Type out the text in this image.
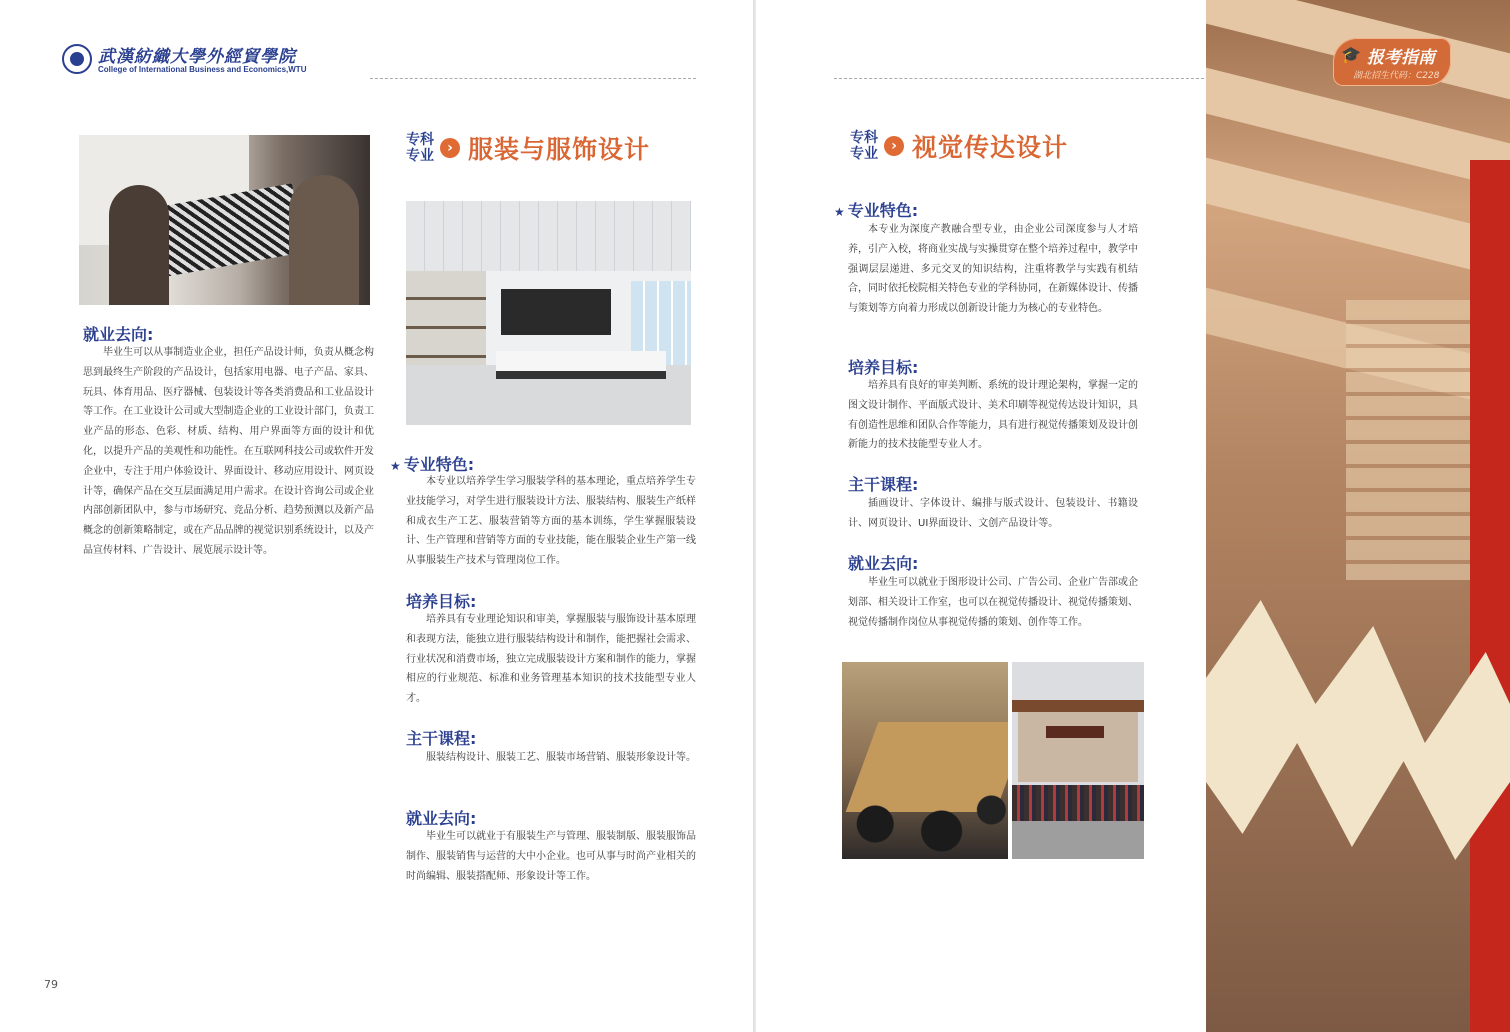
武漢紡織大學外經貿學院
College of International Business and Economics,WTU
就业去向:
毕业生可以从事制造业企业，担任产品设计师，负责从概念构思到最终生产阶段的产品设计，包括家用电器、电子产品、家具、玩具、体育用品、医疗器械、包装设计等各类消费品和工业品设计等工作。在工业设计公司或大型制造企业的工业设计部门，负责工业产品的形态、色彩、材质、结构、用户界面等方面的设计和优化，以提升产品的美观性和功能性。在互联网科技公司或软件开发企业中，专注于用户体验设计、界面设计、移动应用设计、网页设计等，确保产品在交互层面满足用户需求。在设计咨询公司或企业内部创新团队中，参与市场研究、竞品分析、趋势预测以及新产品概念的创新策略制定，或在产品品牌的视觉识别系统设计，以及产品宣传材料、广告设计、展览展示设计等。
专科
专业 › 服装与服饰设计
★ 专业特色:
本专业以培养学生学习服装学科的基本理论，重点培养学生专业技能学习，对学生进行服装设计方法、服装结构、服装生产纸样和成衣生产工艺、服装营销等方面的基本训练，学生掌握服装设计、生产管理和营销等方面的专业技能，能在服装企业生产第一线从事服装生产技术与管理岗位工作。
培养目标:
培养具有专业理论知识和审美，掌握服装与服饰设计基本原理和表现方法，能独立进行服装结构设计和制作，能把握社会需求、行业状况和消费市场，独立完成服装设计方案和制作的能力，掌握相应的行业规范、标准和业务管理基本知识的技术技能型专业人才。
主干课程:
服装结构设计、服装工艺、服装市场营销、服装形象设计等。
就业去向:
毕业生可以就业于有服装生产与管理、服装制版、服装服饰品制作、服装销售与运营的大中小企业。也可从事与时尚产业相关的时尚编辑、服装搭配师、形象设计等工作。
79
专科
专业 › 视觉传达设计
★ 专业特色:
本专业为深度产教融合型专业，由企业公司深度参与人才培养，引产入校，将商业实战与实操贯穿在整个培养过程中，教学中强调层层递进、多元交叉的知识结构，注重将教学与实践有机结合，同时依托校院相关特色专业的学科协同，在新媒体设计、传播与策划等方向着力形成以创新设计能力为核心的专业特色。
培养目标:
培养具有良好的审美判断、系统的设计理论架构，掌握一定的图文设计制作、平面版式设计、美术印刷等视觉传达设计知识，具有创造性思维和团队合作等能力，具有进行视觉传播策划及设计创新能力的技术技能型专业人才。
主干课程:
插画设计、字体设计、编排与版式设计、包装设计、书籍设计、网页设计、UI界面设计、文创产品设计等。
就业去向:
毕业生可以就业于图形设计公司、广告公司、企业广告部或企划部、相关设计工作室，也可以在视觉传播设计、视觉传播策划、视觉传播制作岗位从事视觉传播的策划、创作等工作。
🎓 报考指南
湖北招生代码：C228
